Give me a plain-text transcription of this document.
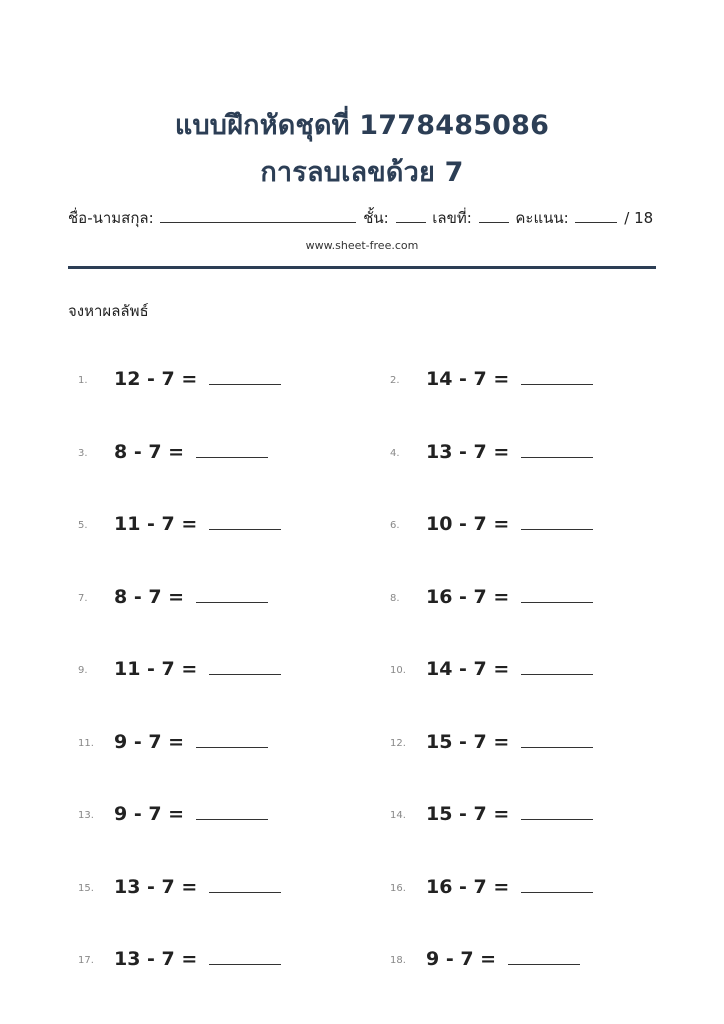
แบบฝึกหัดชุดที่ 1778485086
การลบเลขด้วย 7
ชื่อ-นามสกุล:	ชั้น:	เลขที่:	คะแนน:	/ 18
www.sheet-free.com
จงหาผลลัพธ์
1. 12 - 7 =	2. 14 - 7 =
3. 8 - 7 =	4. 13 - 7 =
5. 11 - 7 =	6. 10 - 7 =
7. 8 - 7 =	8. 16 - 7 =
9. 11 - 7 =	10. 14 - 7 =
11. 9 - 7 =	12. 15 - 7 =
13. 9 - 7 =	14. 15 - 7 =
15. 13 - 7 =	16. 16 - 7 =
17. 13 - 7 =	18. 9 - 7 =
